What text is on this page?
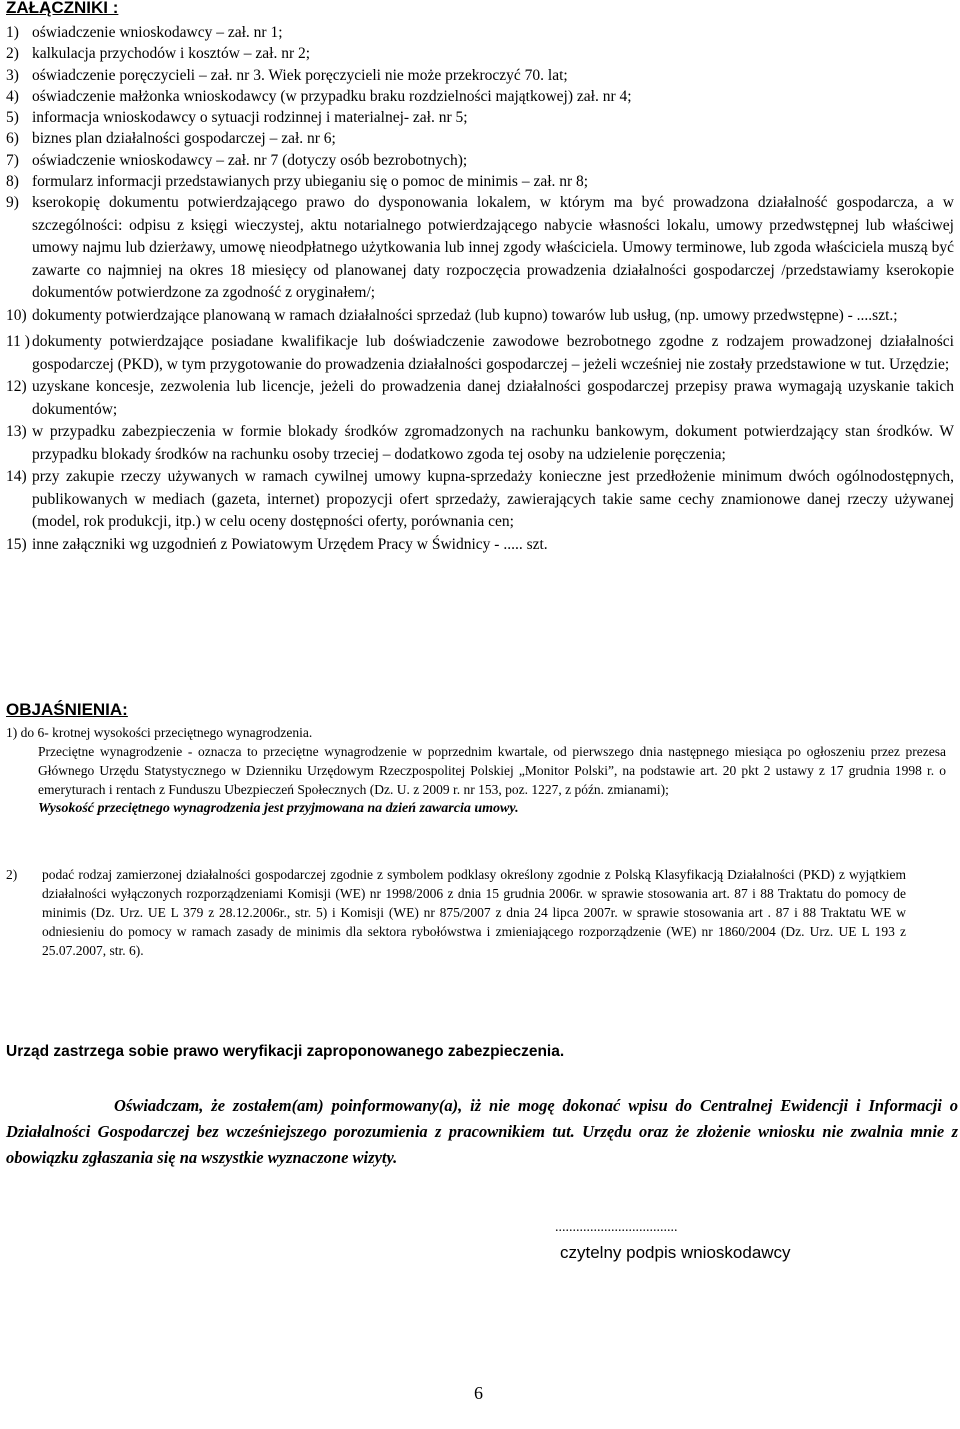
ZAŁĄCZNIKI :
1) oświadczenie wnioskodawcy – zał. nr 1;
2) kalkulacja przychodów i kosztów – zał. nr 2;
3) oświadczenie poręczycieli – zał. nr 3. Wiek poręczycieli nie może przekroczyć 70. lat;
4) oświadczenie małżonka wnioskodawcy (w przypadku braku rozdzielności majątkowej) zał. nr 4;
5) informacja wnioskodawcy o sytuacji rodzinnej i materialnej- zał. nr 5;
6) biznes plan działalności gospodarczej – zał. nr 6;
7) oświadczenie wnioskodawcy – zał. nr 7 (dotyczy osób bezrobotnych);
8) formularz informacji przedstawianych przy ubieganiu się o pomoc de minimis – zał. nr 8;
9) kserokopię dokumentu potwierdzającego prawo do dysponowania lokalem, w którym ma być prowadzona działalność gospodarcza, a w szczególności: odpisu z księgi wieczystej, aktu notarialnego potwierdzającego nabycie własności lokalu, umowy przedwstępnej lub właściwej umowy najmu lub dzierżawy, umowę nieodpłatnego użytkowania lub innej zgody właściciela. Umowy terminowe, lub zgoda właściciela muszą być zawarte co najmniej na okres 18 miesięcy od planowanej daty rozpoczęcia prowadzenia działalności gospodarczej /przedstawiamy kserokopie dokumentów potwierdzone za zgodność z oryginałem/;
10) dokumenty potwierdzające planowaną w ramach działalności sprzedaż (lub kupno) towarów lub usług, (np. umowy przedwstępne) - ....szt.;
11 ) dokumenty potwierdzające posiadane kwalifikacje lub doświadczenie zawodowe bezrobotnego zgodne z rodzajem prowadzonej działalności gospodarczej (PKD), w tym przygotowanie do prowadzenia działalności gospodarczej – jeżeli wcześniej nie zostały przedstawione w tut. Urzędzie;
12) uzyskane koncesje, zezwolenia lub licencje, jeżeli do prowadzenia danej działalności gospodarczej przepisy prawa wymagają uzyskanie takich dokumentów;
13) w przypadku zabezpieczenia w formie blokady środków zgromadzonych na rachunku bankowym, dokument potwierdzający stan środków. W przypadku blokady środków na rachunku osoby trzeciej – dodatkowo zgoda tej osoby na udzielenie poręczenia;
14) przy zakupie rzeczy używanych w ramach cywilnej umowy kupna-sprzedaży konieczne jest przedłożenie minimum dwóch ogólnodostępnych, publikowanych w mediach (gazeta, internet) propozycji ofert sprzedaży, zawierających takie same cechy znamionowe danej rzeczy używanej (model, rok produkcji, itp.) w celu oceny dostępności oferty, porównania cen;
15) inne załączniki wg uzgodnień z Powiatowym Urzędem Pracy w Świdnicy - ..... szt.
OBJAŚNIENIA:
1) do 6- krotnej wysokości przeciętnego wynagrodzenia.
Przeciętne wynagrodzenie - oznacza to przeciętne wynagrodzenie w poprzednim kwartale, od pierwszego dnia następnego miesiąca po ogłoszeniu przez prezesa Głównego Urzędu Statystycznego w Dzienniku Urzędowym Rzeczpospolitej Polskiej „Monitor Polski”, na podstawie art. 20 pkt 2 ustawy z 17 grudnia 1998 r. o emeryturach i rentach z Funduszu Ubezpieczeń Społecznych (Dz. U. z 2009 r. nr 153, poz. 1227, z późn. zmianami);
Wysokość przeciętnego wynagrodzenia jest przyjmowana na dzień zawarcia umowy.
2)	podać rodzaj zamierzonej działalności gospodarczej zgodnie z symbolem podklasy określony zgodnie z Polską Klasyfikacją Działalności (PKD) z wyjątkiem działalności wyłączonych rozporządzeniami Komisji (WE) nr 1998/2006 z dnia 15 grudnia 2006r. w sprawie stosowania art. 87 i 88 Traktatu do pomocy de minimis (Dz. Urz. UE L 379 z 28.12.2006r., str. 5) i Komisji (WE) nr 875/2007 z dnia 24 lipca 2007r. w sprawie stosowania art . 87 i 88 Traktatu WE w odniesieniu do pomocy w ramach zasady de minimis dla sektora rybołówstwa i zmieniającego rozporządzenie (WE) nr 1860/2004 (Dz. Urz. UE L 193 z 25.07.2007, str. 6).
Urząd zastrzega sobie prawo weryfikacji zaproponowanego zabezpieczenia.
Oświadczam, że zostałem(am) poinformowany(a), iż nie mogę dokonać wpisu do Centralnej Ewidencji i Informacji o Działalności Gospodarczej bez wcześniejszego porozumienia z pracownikiem tut. Urzędu oraz że złożenie wniosku nie zwalnia mnie z obowiązku zgłaszania się na wszystkie wyznaczone wizyty.
...................................
czytelny podpis wnioskodawcy
6
